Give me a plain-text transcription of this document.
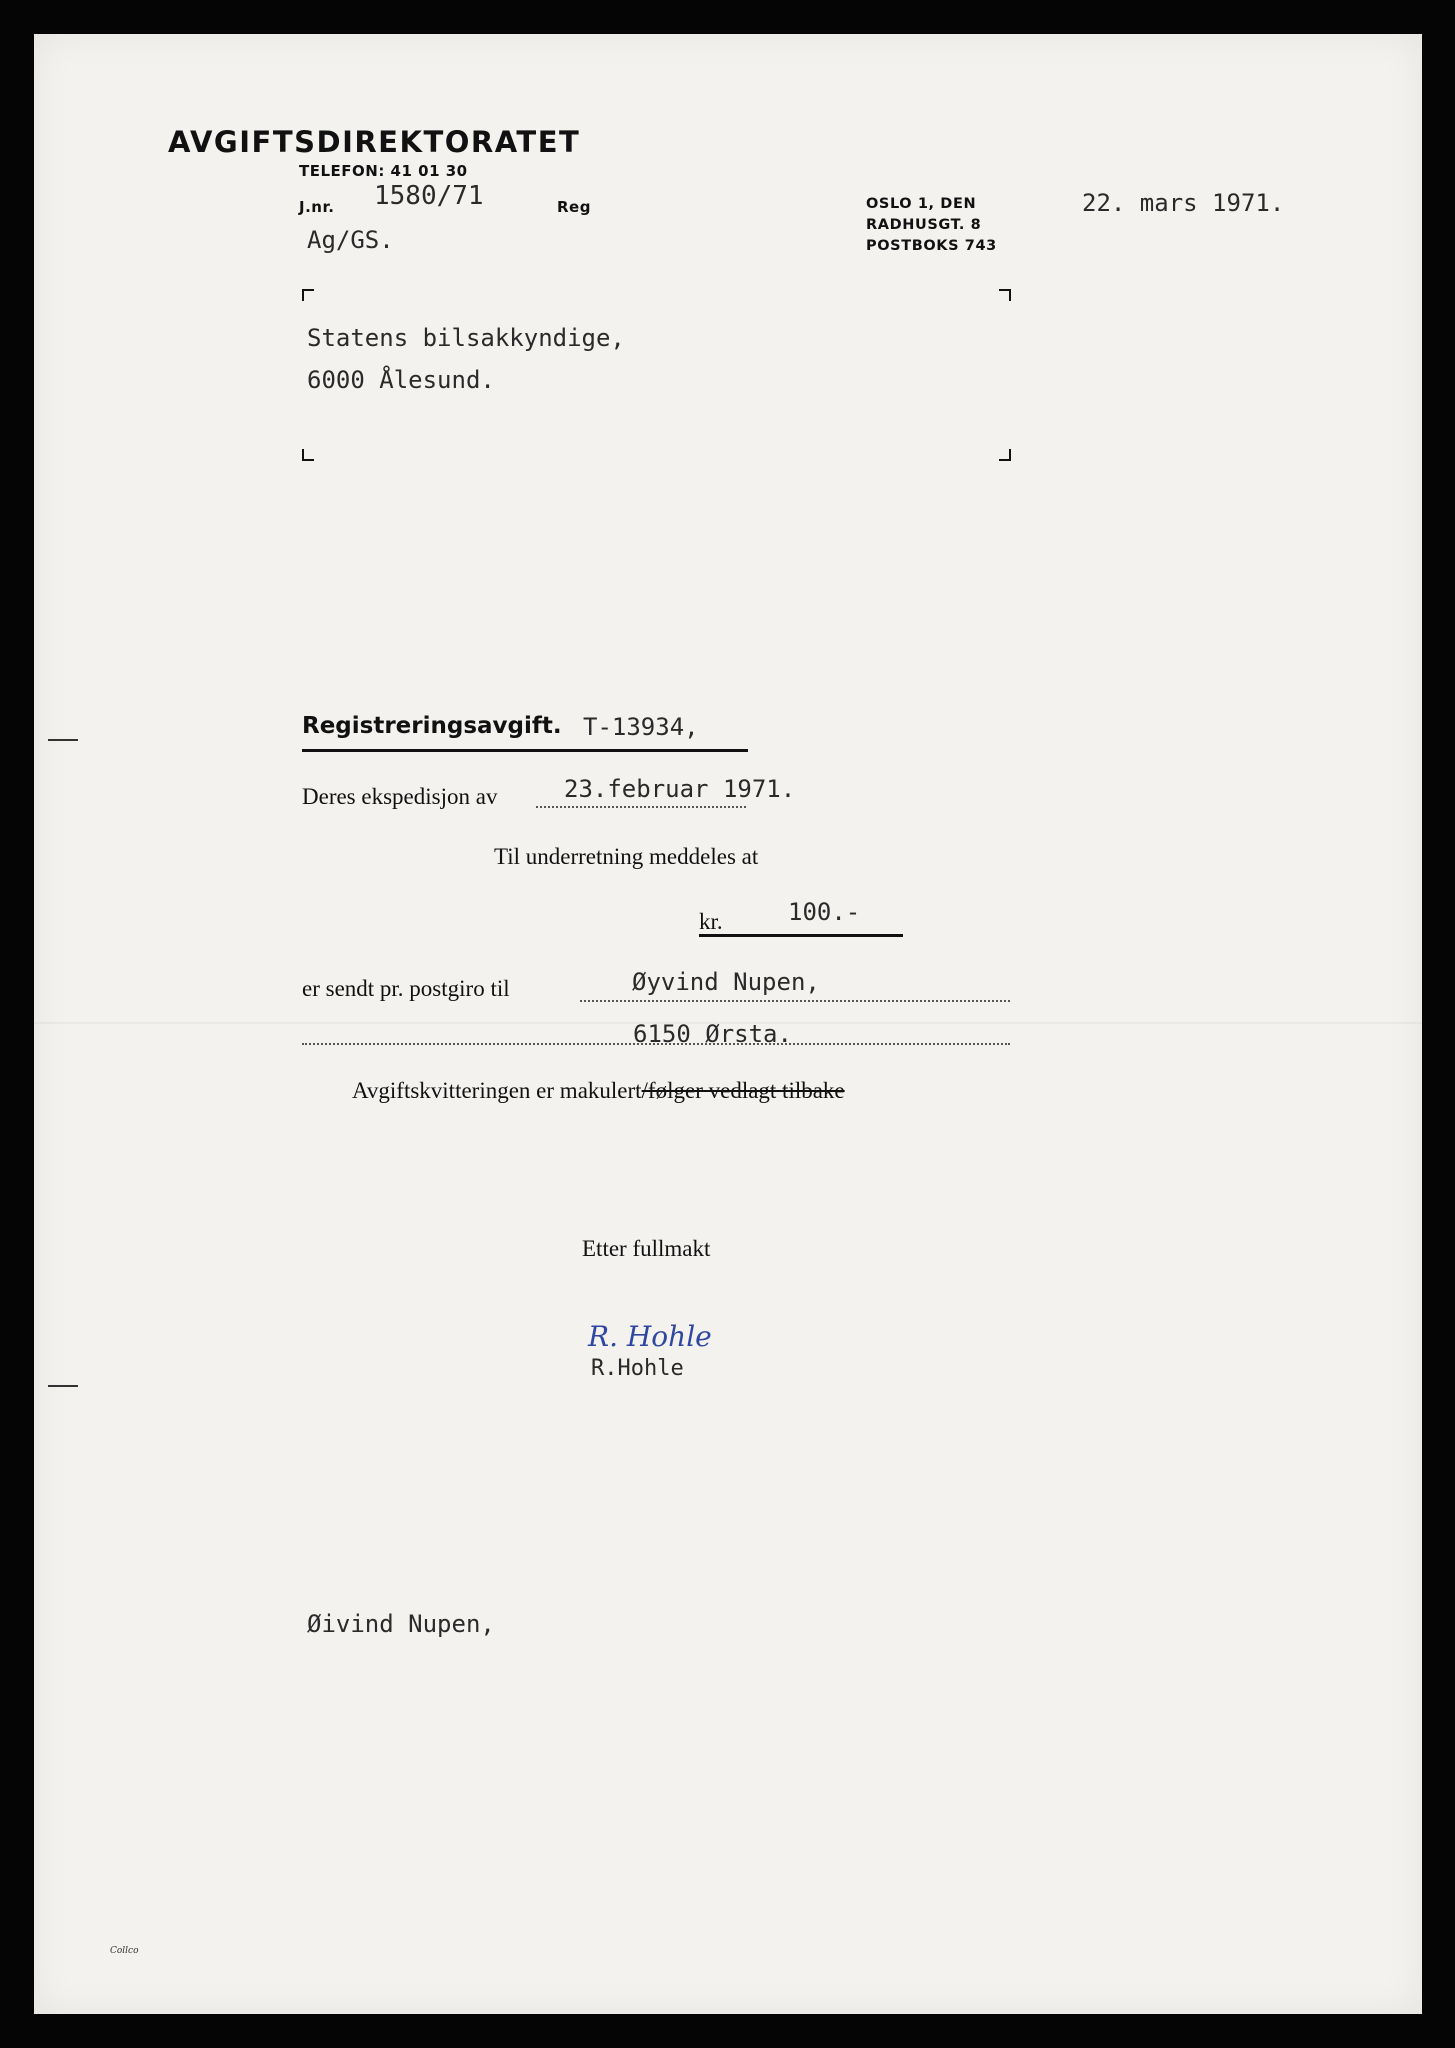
AVGIFTSDIREKTORATET
TELEFON: 41 01 30
J.nr. 1580/71	Reg
Ag/GS.
OSLO 1, DEN
RADHUSGT. 8
POSTBOKS 743
22. mars 1971.
Statens bilsakkyndige,
6000 Ålesund.
Registreringsavgift. T-13934,
Deres ekspedisjon av	23.februar 1971.
Til underretning meddeles at
kr.	100.-
er sendt pr. postgiro til	Øyvind Nupen,
6150 Ørsta.
Avgiftskvitteringen er makulert/følger vedlagt tilbake
Etter fullmakt
R. Hohle
R.Hohle
Øivind Nupen,
Collco
